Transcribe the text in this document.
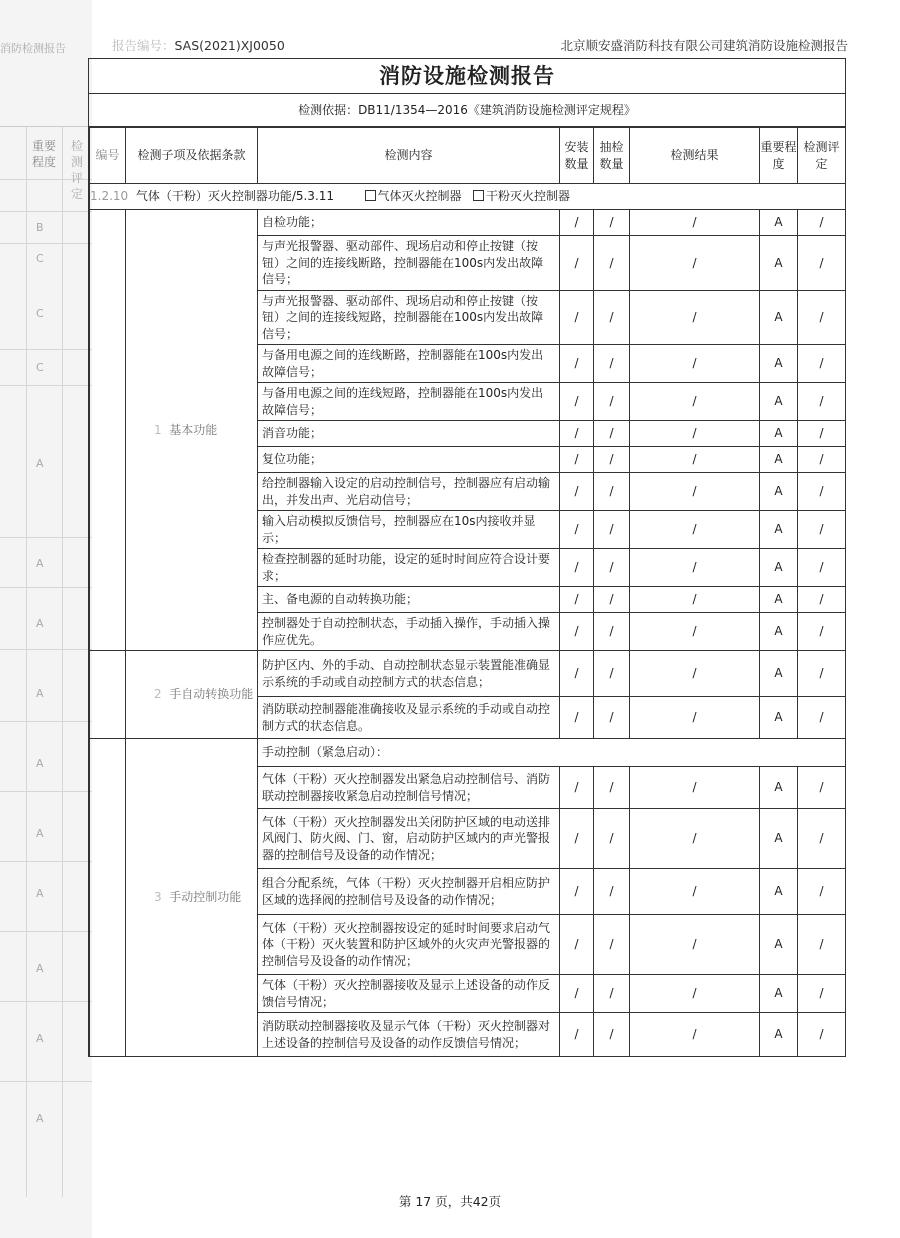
消防检测报告
B
C
C
C
A
A
A
A
A
A
A
A
A
A
重要程度
检测评定
报告编号：SAS(2021)XJ0050	北京顺安盛消防科技有限公司建筑消防设施检测报告
消防设施检测报告
检测依据：DB11/1354—2016《建筑消防设施检测评定规程》
编号	检测子项及依据条款	检测内容	安装数量	抽检数量	检测结果	重要程度	检测评定
1.2.10 气体（干粉）灭火控制器功能/5.3.11 气体灭火控制器 干粉灭火控制器							
	1 基本功能	自检功能；	/	/	/	A	/
		与声光报警器、驱动部件、现场启动和停止按键（按钮）之间的连接线断路，控制器能在100s内发出故障信号；	/	/	/	A	/
		与声光报警器、驱动部件、现场启动和停止按键（按钮）之间的连接线短路，控制器能在100s内发出故障信号；	/	/	/	A	/
		与备用电源之间的连线断路，控制器能在100s内发出故障信号；	/	/	/	A	/
		与备用电源之间的连线短路，控制器能在100s内发出故障信号；	/	/	/	A	/
		消音功能；	/	/	/	A	/
		复位功能；	/	/	/	A	/
		给控制器输入设定的启动控制信号，控制器应有启动输出，并发出声、光启动信号；	/	/	/	A	/
		输入启动模拟反馈信号，控制器应在10s内接收并显示；	/	/	/	A	/
		检查控制器的延时功能，设定的延时时间应符合设计要求；	/	/	/	A	/
		主、备电源的自动转换功能；	/	/	/	A	/
		控制器处于自动控制状态，手动插入操作，手动插入操作应优先。	/	/	/	A	/
	2 手自动转换功能	防护区内、外的手动、自动控制状态显示装置能准确显示系统的手动或自动控制方式的状态信息；	/	/	/	A	/
		消防联动控制器能准确接收及显示系统的手动或自动控制方式的状态信息。	/	/	/	A	/
	3 手动控制功能	手动控制（紧急启动）：					
		气体（干粉）灭火控制器发出紧急启动控制信号、消防联动控制器接收紧急启动控制信号情况；	/	/	/	A	/
		气体（干粉）灭火控制器发出关闭防护区域的电动送排风阀门、防火阀、门、窗，启动防护区域内的声光警报器的控制信号及设备的动作情况；	/	/	/	A	/
		组合分配系统，气体（干粉）灭火控制器开启相应防护区域的选择阀的控制信号及设备的动作情况；	/	/	/	A	/
		气体（干粉）灭火控制器按设定的延时时间要求启动气体（干粉）灭火装置和防护区域外的火灾声光警报器的控制信号及设备的动作情况；	/	/	/	A	/
		气体（干粉）灭火控制器接收及显示上述设备的动作反馈信号情况；	/	/	/	A	/
		消防联动控制器接收及显示气体（干粉）灭火控制器对上述设备的控制信号及设备的动作反馈信号情况；	/	/	/	A	/
第 17 页，共42页
